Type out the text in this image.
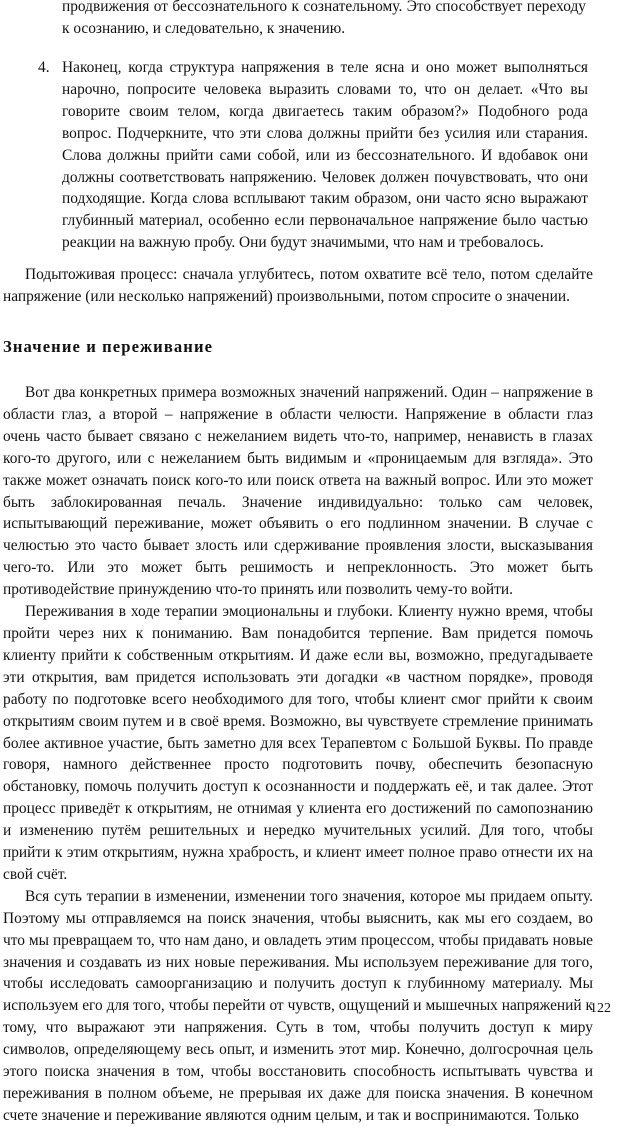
продвижения от бессознательного к сознательному. Это способствует переходу к осознанию, и следовательно, к значению.

4. Наконец, когда структура напряжения в теле ясна и оно может выполняться нарочно, попросите человека выразить словами то, что он делает. «Что вы говорите своим телом, когда двигаетесь таким образом?» Подобного рода вопрос. Подчеркните, что эти слова должны прийти без усилия или старания. Слова должны прийти сами собой, или из бессознательного. И вдобавок они должны соответствовать напряжению. Человек должен почувствовать, что они подходящие. Когда слова всплывают таким образом, они часто ясно выражают глубинный материал, особенно если первоначальное напряжение было частью реакции на важную пробу. Они будут значимыми, что нам и требовалось.

Подытоживая процесс: сначала углубитесь, потом охватите всё тело, потом сделайте напряжение (или несколько напряжений) произвольными, потом спросите о значении.

Значение и переживание

Вот два конкретных примера возможных значений напряжений. Один – напряжение в области глаз, а второй – напряжение в области челюсти. Напряжение в области глаз очень часто бывает связано с нежеланием видеть что-то, например, ненависть в глазах кого-то другого, или с нежеланием быть видимым и «проницаемым для взгляда». Это также может означать поиск кого-то или поиск ответа на важный вопрос. Или это может быть заблокированная печаль. Значение индивидуально: только сам человек, испытывающий переживание, может объявить о его подлинном значении. В случае с челюстью это часто бывает злость или сдерживание проявления злости, высказывания чего-то. Или это может быть решимость и непреклонность. Это может быть противодействие принуждению что-то принять или позволить чему-то войти.

Переживания в ходе терапии эмоциональны и глубоки. Клиенту нужно время, чтобы пройти через них к пониманию. Вам понадобится терпение. Вам придется помочь клиенту прийти к собственным открытиям. И даже если вы, возможно, предугадываете эти открытия, вам придется использовать эти догадки «в частном порядке», проводя работу по подготовке всего необходимого для того, чтобы клиент смог прийти к своим открытиям своим путем и в своё время. Возможно, вы чувствуете стремление принимать более активное участие, быть заметно для всех Терапевтом с Большой Буквы. По правде говоря, намного действеннее просто подготовить почву, обеспечить безопасную обстановку, помочь получить доступ к осознанности и поддержать её, и так далее. Этот процесс приведёт к открытиям, не отнимая у клиента его достижений по самопознанию и изменению путём решительных и нередко мучительных усилий. Для того, чтобы прийти к этим открытиям, нужна храбрость, и клиент имеет полное право отнести их на свой счёт.

Вся суть терапии в изменении, изменении того значения, которое мы придаем опыту. Поэтому мы отправляемся на поиск значения, чтобы выяснить, как мы его создаем, во что мы превращаем то, что нам дано, и овладеть этим процессом, чтобы придавать новые значения и создавать из них новые переживания. Мы используем переживание для того, чтобы исследовать самоорганизацию и получить доступ к глубинному материалу. Мы используем его для того, чтобы перейти от чувств, ощущений и мышечных напряжений к тому, что выражают эти напряжения. Суть в том, чтобы получить доступ к миру символов, определяющему весь опыт, и изменить этот мир. Конечно, долгосрочная цель этого поиска значения в том, чтобы восстановить способность испытывать чувства и переживания в полном объеме, не прерывая их даже для поиска значения. В конечном счете значение и переживание являются одним целым, и так и воспринимаются. Только

122
